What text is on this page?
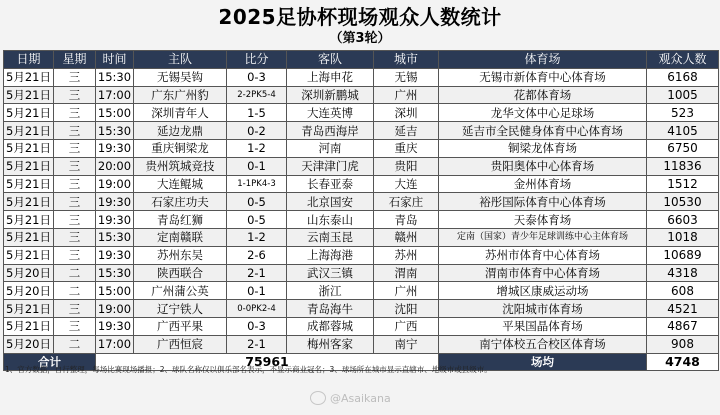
2025足协杯现场观众人数统计
（第3轮）
日期	星期	时间	主队	比分	客队	城市	体育场	观众人数
5月21日	三	15:30	无锡吴钩	0-3	上海申花	无锡	无锡市新体育中心体育场	6168
5月21日	三	17:00	广东广州豹	2-2PK5-4	深圳新鹏城	广州	花都体育场	1005
5月21日	三	15:00	深圳青年人	1-5	大连英博	深圳	龙华文体中心足球场	523
5月21日	三	15:30	延边龙鼎	0-2	青岛西海岸	延吉	延吉市全民健身体育中心体育场	4105
5月21日	三	19:30	重庆铜梁龙	1-2	河南	重庆	铜梁龙体育场	6750
5月21日	三	20:00	贵州筑城竞技	0-1	天津津门虎	贵阳	贵阳奥体中心体育场	11836
5月21日	三	19:00	大连鲲城	1-1PK4-3	长春亚泰	大连	金州体育场	1512
5月21日	三	19:30	石家庄功夫	0-5	北京国安	石家庄	裕彤国际体育中心体育场	10530
5月21日	三	19:30	青岛红狮	0-5	山东泰山	青岛	天泰体育场	6603
5月21日	三	15:30	定南赣联	1-2	云南玉昆	赣州	定南（国家）青少年足球训练中心主体育场	1018
5月21日	三	19:30	苏州东吴	2-6	上海海港	苏州	苏州市体育中心体育场	10689
5月20日	二	15:30	陕西联合	2-1	武汉三镇	渭南	渭南市体育中心体育场	4318
5月20日	二	15:00	广州蒲公英	0-1	浙江	广州	增城区康威运动场	608
5月21日	三	19:00	辽宁铁人	0-0PK2-4	青岛海牛	沈阳	沈阳城市体育场	4521
5月21日	三	19:30	广西平果	0-3	成都蓉城	广西	平果国晶体育场	4867
5月20日	二	17:00	广西恒宸	2-1	梅州客家	南宁	南宁体校五合校区体育场	908
合计		75961					场均	4748
1、官方数据，自行整理，每场比赛现场播报；2、球队名称仅以俱乐部名表示，不显示商业冠名；3、球场所在城市显示直辖市、地级市或县级市。
@Asaikana
